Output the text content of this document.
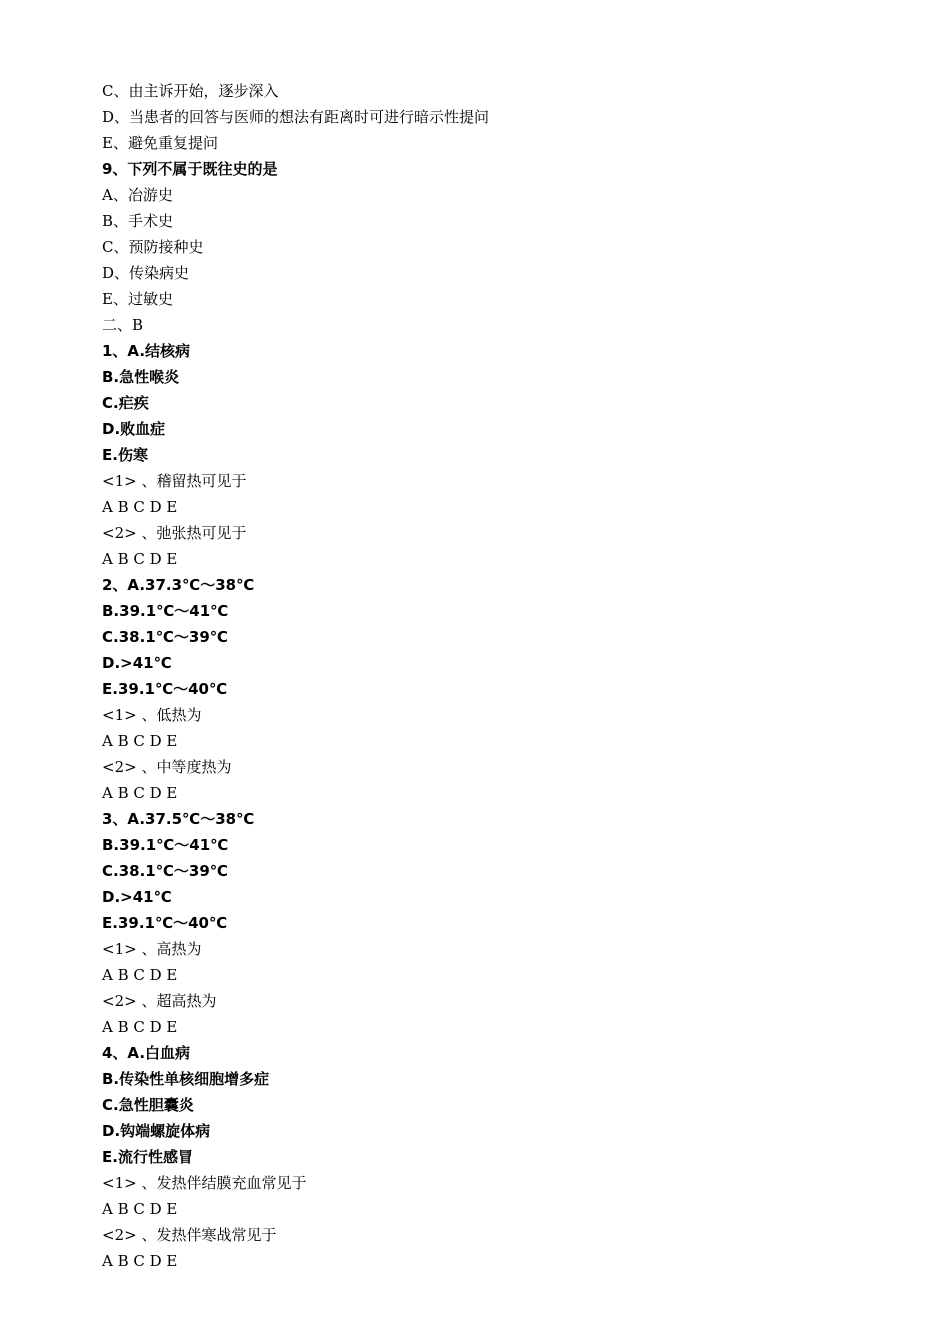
C、由主诉开始，逐步深入
D、当患者的回答与医师的想法有距离时可进行暗示性提问
E、避免重复提问
9、下列不属于既往史的是
A、冶游史
B、手术史
C、预防接种史
D、传染病史
E、过敏史
二、B
1、A.结核病
B.急性喉炎
C.疟疾
D.败血症
E.伤寒
<1> 、稽留热可见于
A B C D E
<2> 、弛张热可见于
A B C D E
2、A.37.3℃～38℃
B.39.1℃～41℃
C.38.1℃～39℃
D.>41℃
E.39.1℃～40℃
<1> 、低热为
A B C D E
<2> 、中等度热为
A B C D E
3、A.37.5℃～38℃
B.39.1℃～41℃
C.38.1℃～39℃
D.>41℃
E.39.1℃～40℃
<1> 、高热为
A B C D E
<2> 、超高热为
A B C D E
4、A.白血病
B.传染性单核细胞增多症
C.急性胆囊炎
D.钩端螺旋体病
E.流行性感冒
<1> 、发热伴结膜充血常见于
A B C D E
<2> 、发热伴寒战常见于
A B C D E
